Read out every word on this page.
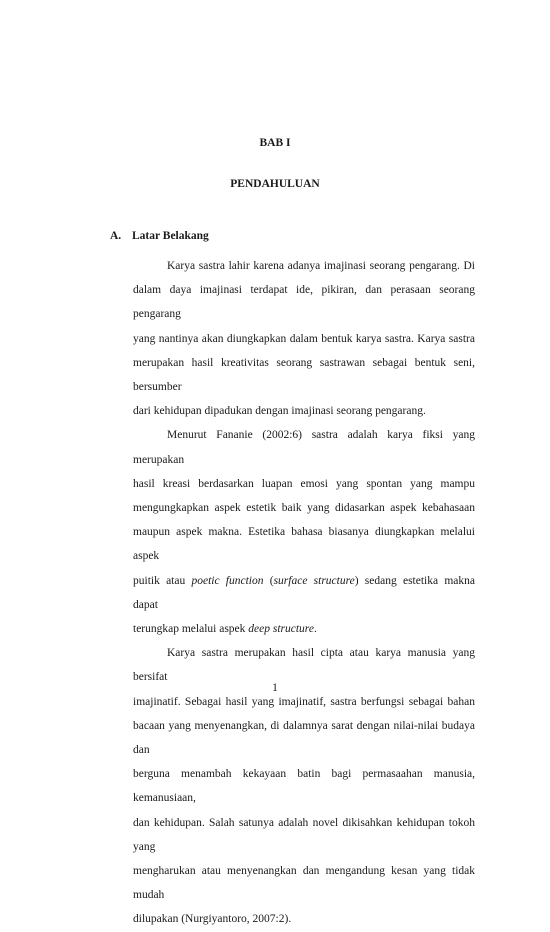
BAB I

PENDAHULUAN

A. Latar Belakang

Karya sastra lahir karena adanya imajinasi seorang pengarang. Di
dalam daya imajinasi terdapat ide, pikiran, dan perasaan seorang pengarang
yang nantinya akan diungkapkan dalam bentuk karya sastra. Karya sastra
merupakan hasil kreativitas seorang sastrawan sebagai bentuk seni, bersumber
dari kehidupan dipadukan dengan imajinasi seorang pengarang.
Menurut Fananie (2002:6) sastra adalah karya fiksi yang merupakan
hasil kreasi berdasarkan luapan emosi yang spontan yang mampu
mengungkapkan aspek estetik baik yang didasarkan aspek kebahasaan
maupun aspek makna. Estetika bahasa biasanya diungkapkan melalui aspek
puitik atau poetic function (surface structure) sedang estetika makna dapat
terungkap melalui aspek deep structure.
Karya sastra merupakan hasil cipta atau karya manusia yang bersifat
imajinatif. Sebagai hasil yang imajinatif, sastra berfungsi sebagai bahan
bacaan yang menyenangkan, di dalamnya sarat dengan nilai-nilai budaya dan
berguna menambah kekayaan batin bagi permasaahan manusia, kemanusiaan,
dan kehidupan. Salah satunya adalah novel dikisahkan kehidupan tokoh yang
mengharukan atau menyenangkan dan mengandung kesan yang tidak mudah
dilupakan (Nurgiyantoro, 2007:2).

1
